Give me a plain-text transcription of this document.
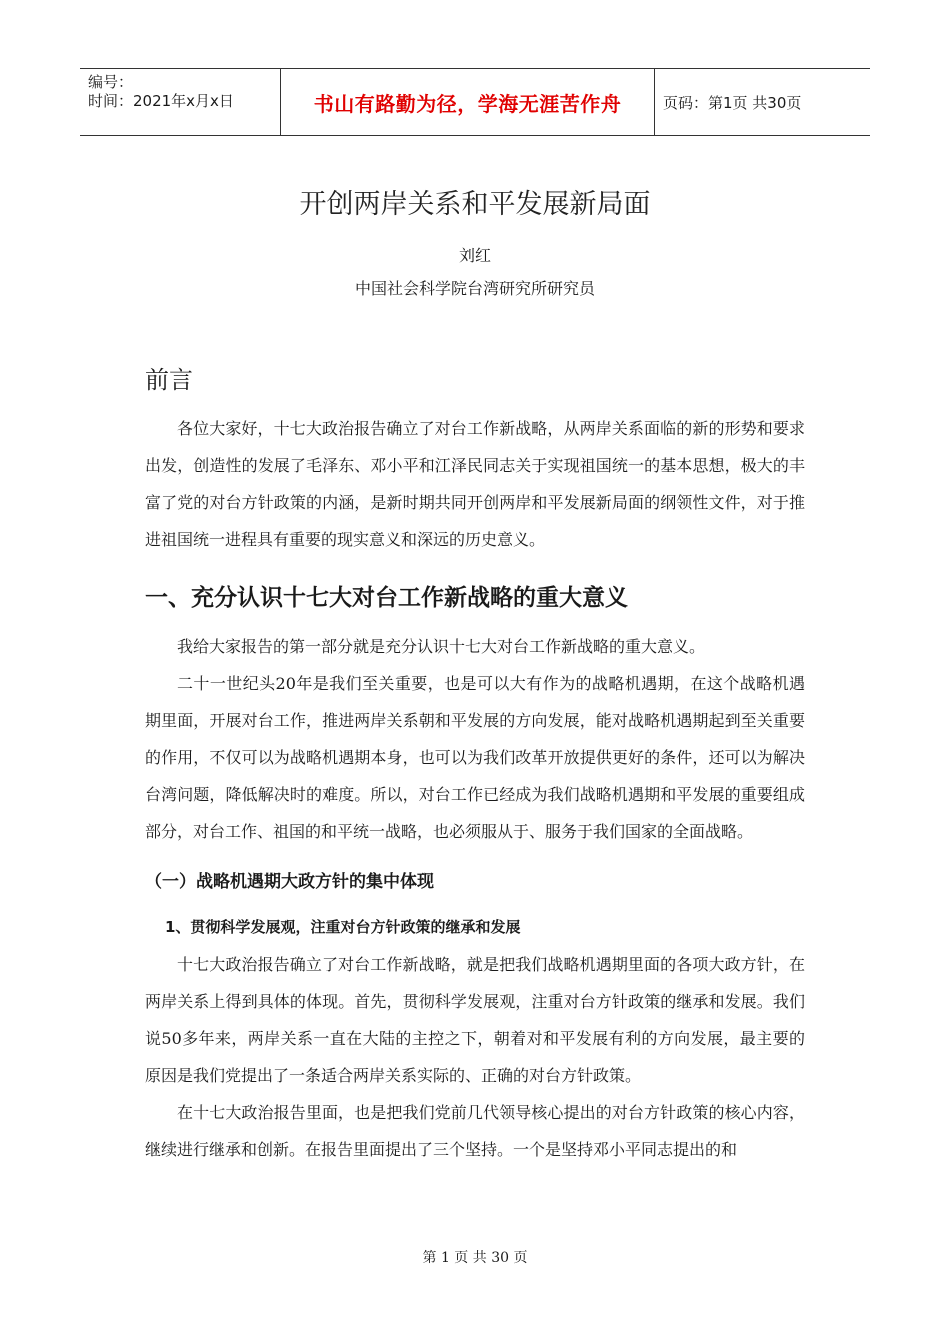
编号：
时间：2021年x月x日	书山有路勤为径，学海无涯苦作舟	页码：第1页 共30页
开创两岸关系和平发展新局面
刘红
中国社会科学院台湾研究所研究员
前言

各位大家好，十七大政治报告确立了对台工作新战略，从两岸关系面临的新的形势和要求出发，创造性的发展了毛泽东、邓小平和江泽民同志关于实现祖国统一的基本思想，极大的丰富了党的对台方针政策的内涵，是新时期共同开创两岸和平发展新局面的纲领性文件，对于推进祖国统一进程具有重要的现实意义和深远的历史意义。

一、充分认识十七大对台工作新战略的重大意义

我给大家报告的第一部分就是充分认识十七大对台工作新战略的重大意义。

二十一世纪头20年是我们至关重要，也是可以大有作为的战略机遇期，在这个战略机遇期里面，开展对台工作，推进两岸关系朝和平发展的方向发展，能对战略机遇期起到至关重要的作用，不仅可以为战略机遇期本身，也可以为我们改革开放提供更好的条件，还可以为解决台湾问题，降低解决时的难度。所以，对台工作已经成为我们战略机遇期和平发展的重要组成部分，对台工作、祖国的和平统一战略，也必须服从于、服务于我们国家的全面战略。

（一）战略机遇期大政方针的集中体现
1、贯彻科学发展观，注重对台方针政策的继承和发展

十七大政治报告确立了对台工作新战略，就是把我们战略机遇期里面的各项大政方针，在两岸关系上得到具体的体现。首先，贯彻科学发展观，注重对台方针政策的继承和发展。我们说50多年来，两岸关系一直在大陆的主控之下，朝着对和平发展有利的方向发展，最主要的原因是我们党提出了一条适合两岸关系实际的、正确的对台方针政策。

在十七大政治报告里面，也是把我们党前几代领导核心提出的对台方针政策的核心内容，继续进行继承和创新。在报告里面提出了三个坚持。一个是坚持邓小平同志提出的和

第 1 页 共 30 页
